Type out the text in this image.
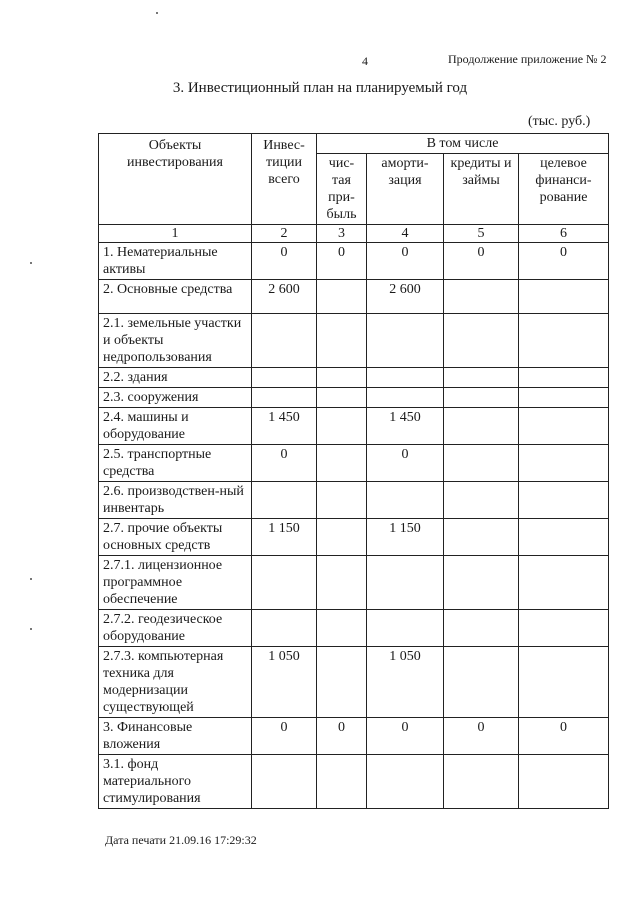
4	Продолжение приложение № 2
3. Инвестиционный план на планируемый год
(тыс. руб.)
Объекты инвестирования	Инвес-тиции всего	В том числе			
		чис-тая при-быль	аморти-зация	кредиты и займы	целевое финанси-рование
1	2	3	4	5	6
1. Нематериальные активы	0	0	0	0	0
2. Основные средства	2 600		2 600		
2.1. земельные участки и объекты недропользования					
2.2. здания					
2.3. сооружения					
2.4. машины и оборудование	1 450		1 450		
2.5. транспортные средства	0		0		
2.6. производствен-ный инвентарь					
2.7. прочие объекты основных средств	1 150		1 150		
2.7.1. лицензионное программное обеспечение					
2.7.2. геодезическое оборудование					
2.7.3. компьютерная техника для модернизации существующей	1 050		1 050		
3. Финансовые вложения	0	0	0	0	0
3.1. фонд материального стимулирования					
Дата печати 21.09.16 17:29:32
